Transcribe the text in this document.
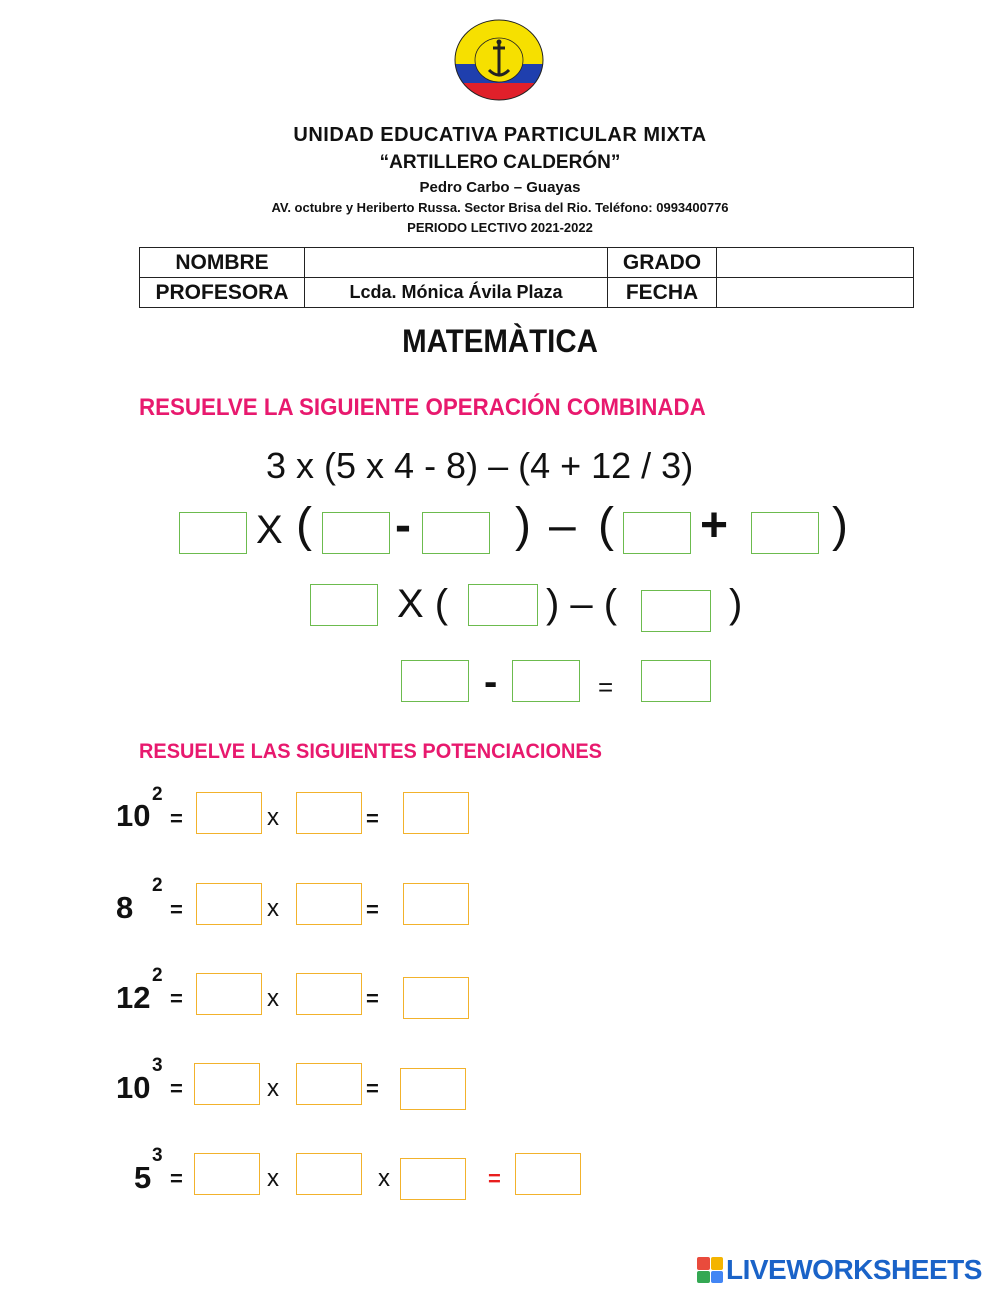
UNIDAD EDUCATIVA PARTICULAR MIXTA
“ARTILLERO CALDERÓN”
Pedro Carbo – Guayas
AV. octubre y Heriberto Russa. Sector Brisa del Rio. Teléfono: 0993400776
PERIODO LECTIVO 2021-2022
NOMBRE		GRADO	
PROFESORA	Lcda. Mónica Ávila Plaza	FECHA	
MATEMÀTICA
RESUELVE LA SIGUIENTE OPERACIÓN COMBINADA
3 x (5 x 4 - 8) – (4 + 12 / 3)
X ( - ) – ( + )
X ( ) – (	)
-	=
RESUELVE LAS SIGUIENTES POTENCIACIONES
10
2
=	x	=
8
2
=	x	=
12
2
=	x	=
10
3
=	x	=
5
3
=	x	x	=
LIVEWORKSHEETS
